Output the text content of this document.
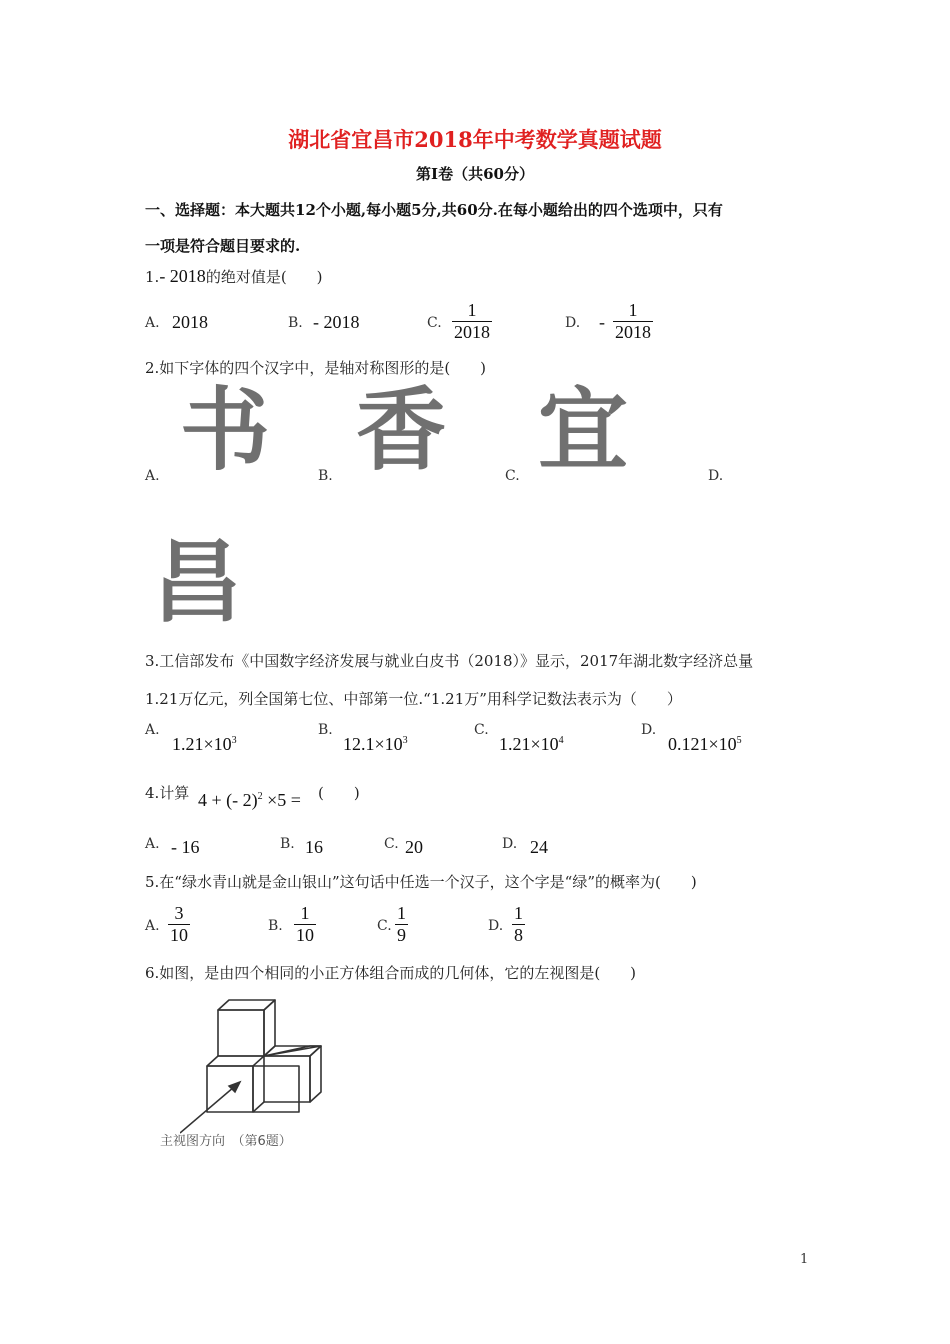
湖北省宜昌市2018年中考数学真题试题
第Ⅰ卷（共60分）
一、选择题：本大题共12个小题,每小题5分,共60分.在每小题给出的四个选项中，只有
一项是符合题目要求的.
1.- 2018的绝对值是(　　)
A. 2018	B. - 2018	C. $\frac{1}{2018}$	D. - $\frac{1}{2018}$
2.如下字体的四个汉字中，是轴对称图形的是(　　)
A. 书	B. 香	C. 宜	D.
昌
3.工信部发布《中国数字经济发展与就业白皮书（2018）》显示，2017年湖北数字经济总量
1.21万亿元，列全国第七位、中部第一位.“1.21万”用科学记数法表示为（　　）
A.
$1.21\times 10^3$
B.
$12.1\times 10^3$
C.
$1.21\times 10^4$
D.
$0.121\times 10^5$
4.计算 4 + (- 2)$^2$ ×5 = (　　)
A. - 16	B. 16	C. 20	D. 24
5.在“绿水青山就是金山银山”这句话中任选一个汉子，这个字是“绿”的概率为(　　)
A. $\frac{3}{10}$	B. $\frac{1}{10}$	C. $\frac{1}{9}$	D. $\frac{1}{8}$
6.如图，是由四个相同的小正方体组合而成的几何体，它的左视图是(　　)
主视图方向　（第6题）
1
